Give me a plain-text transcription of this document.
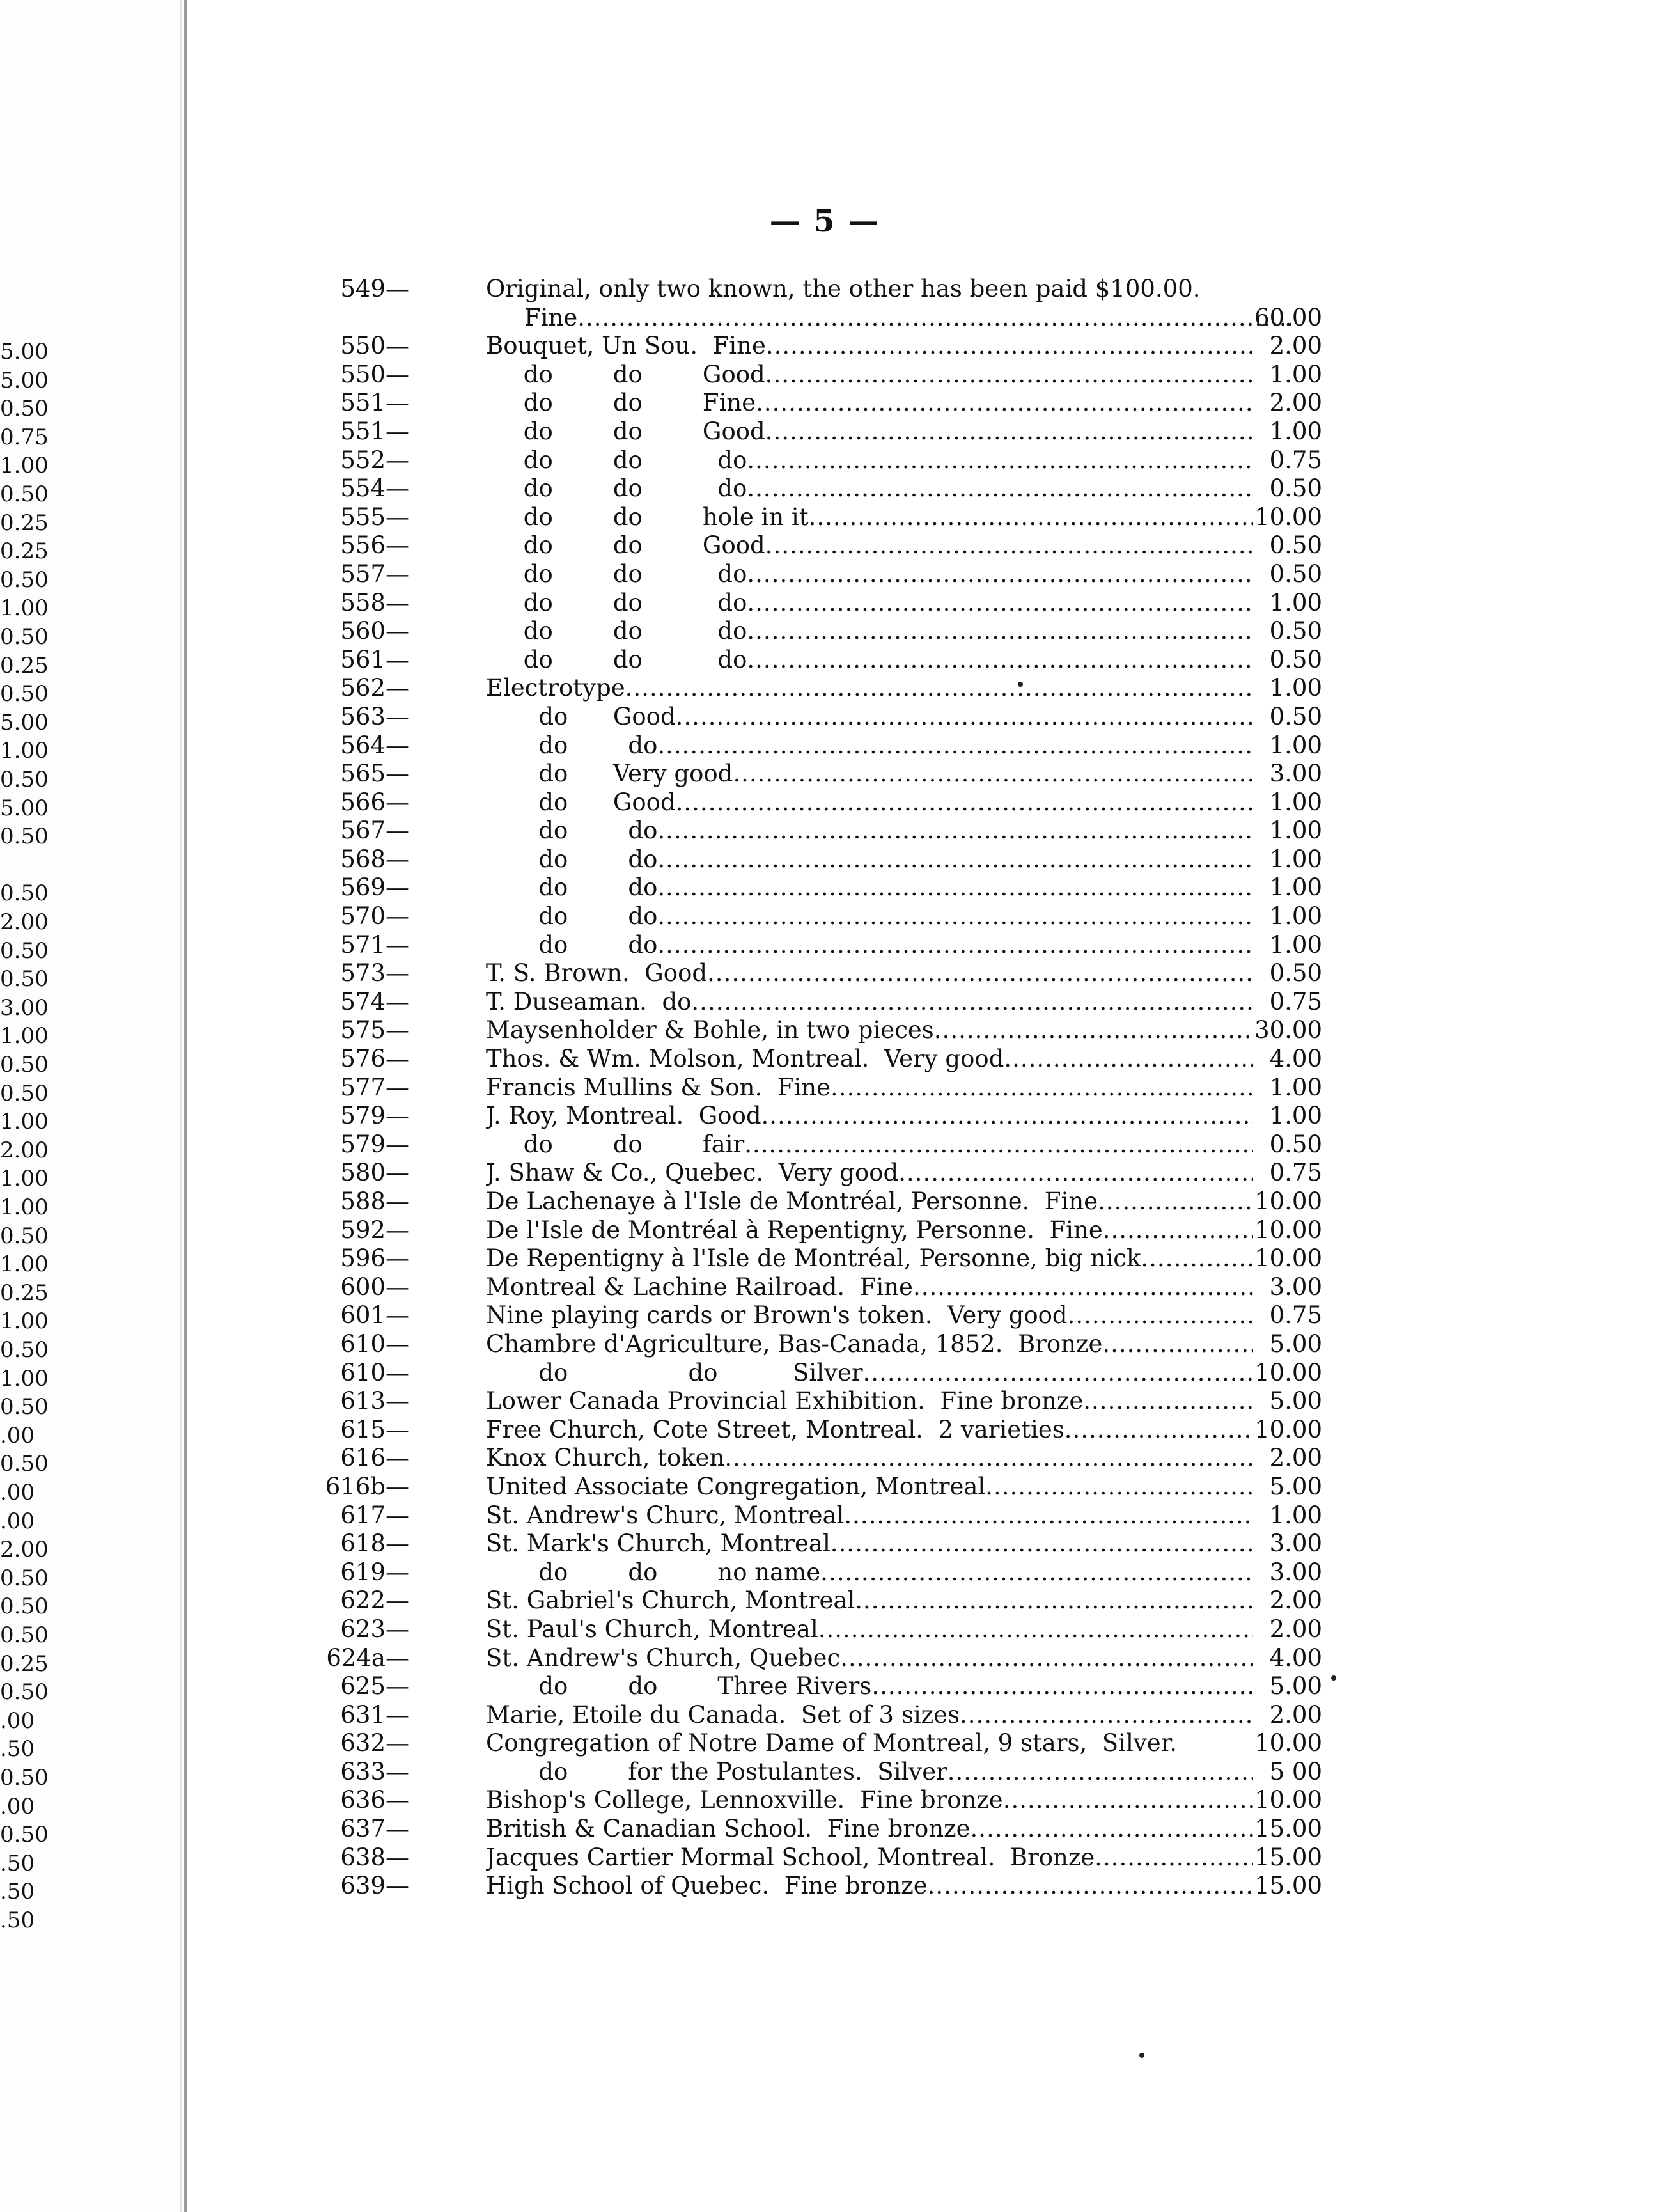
— 5 —
5.00
5.00
0.50
0.75
1.00
0.50
0.25
0.25
0.50
1.00
0.50
0.25
0.50
5.00
1.00
0.50
5.00
0.50
0.50
2.00
0.50
0.50
3.00
1.00
0.50
0.50
1.00
2.00
1.00
1.00
0.50
1.00
0.25
1.00
0.50
1.00
0.50
.00
0.50
.00
.00
2.00
0.50
0.50
0.50
0.25
0.50
.00
.50
0.50
.00
0.50
.50
.50
.50
549—	Original, only two known, the other has been paid $100.00.
Fine .....	60.00
550—	Bouquet, Un Sou.  Fine .....	2.00
550—	do        do        Good .....	1.00
551—	do        do        Fine .....	2.00
551—	do        do        Good .....	1.00
552—	do        do          do .....	0.75
554—	do        do          do .....	0.50
555—	do        do        hole in it .....	10.00
556—	do        do        Good .....	0.50
557—	do        do          do .....	0.50
558—	do        do          do .....	1.00
560—	do        do          do .....	0.50
561—	do        do          do .....	0.50
562—	Electrotype .....	1.00
563—	do      Good .....	0.50
564—	do        do .....	1.00
565—	do      Very good .....	3.00
566—	do      Good .....	1.00
567—	do        do .....	1.00
568—	do        do .....	1.00
569—	do        do .....	1.00
570—	do        do .....	1.00
571—	do        do .....	1.00
573—	T. S. Brown.  Good .....	0.50
574—	T. Duseaman.  do .....	0.75
575—	Maysenholder & Bohle, in two pieces .....	30.00
576—	Thos. & Wm. Molson, Montreal.  Very good .....	4.00
577—	Francis Mullins & Son.  Fine .....	1.00
579—	J. Roy, Montreal.  Good .....	1.00
579—	do        do        fair .....	0.50
580—	J. Shaw & Co., Quebec.  Very good .....	0.75
588—	De Lachenaye à l'Isle de Montréal, Personne.  Fine .....	10.00
592—	De l'Isle de Montréal à Repentigny, Personne.  Fine .....	10.00
596—	De Repentigny à l'Isle de Montréal, Personne, big nick .....	10.00
600—	Montreal & Lachine Railroad.  Fine .....	3.00
601—	Nine playing cards or Brown's token.  Very good .....	0.75
610—	Chambre d'Agriculture, Bas-Canada, 1852.  Bronze .....	5.00
610—	do                do          Silver .....	10.00
613—	Lower Canada Provincial Exhibition.  Fine bronze .....	5.00
615—	Free Church, Cote Street, Montreal.  2 varieties .....	10.00
616—	Knox Church, token .....	2.00
616b—	United Associate Congregation, Montreal .....	5.00
617—	St. Andrew's Churc, Montreal .....	1.00
618—	St. Mark's Church, Montreal .....	3.00
619—	do        do        no name .....	3.00
622—	St. Gabriel's Church, Montreal .....	2.00
623—	St. Paul's Church, Montreal .....	2.00
624a—	St. Andrew's Church, Quebec .....	4.00
625—	do        do        Three Rivers .....	5.00
631—	Marie, Etoile du Canada.  Set of 3 sizes .....	2.00
632—	Congregation of Notre Dame of Montreal, 9 stars,  Silver.	10.00
633—	do        for the Postulantes.  Silver .....	5 00
636—	Bishop's College, Lennoxville.  Fine bronze .....	10.00
637—	British & Canadian School.  Fine bronze .....	15.00
638—	Jacques Cartier Mormal School, Montreal.  Bronze .....	15.00
639—	High School of Quebec.  Fine bronze .....	15.00
